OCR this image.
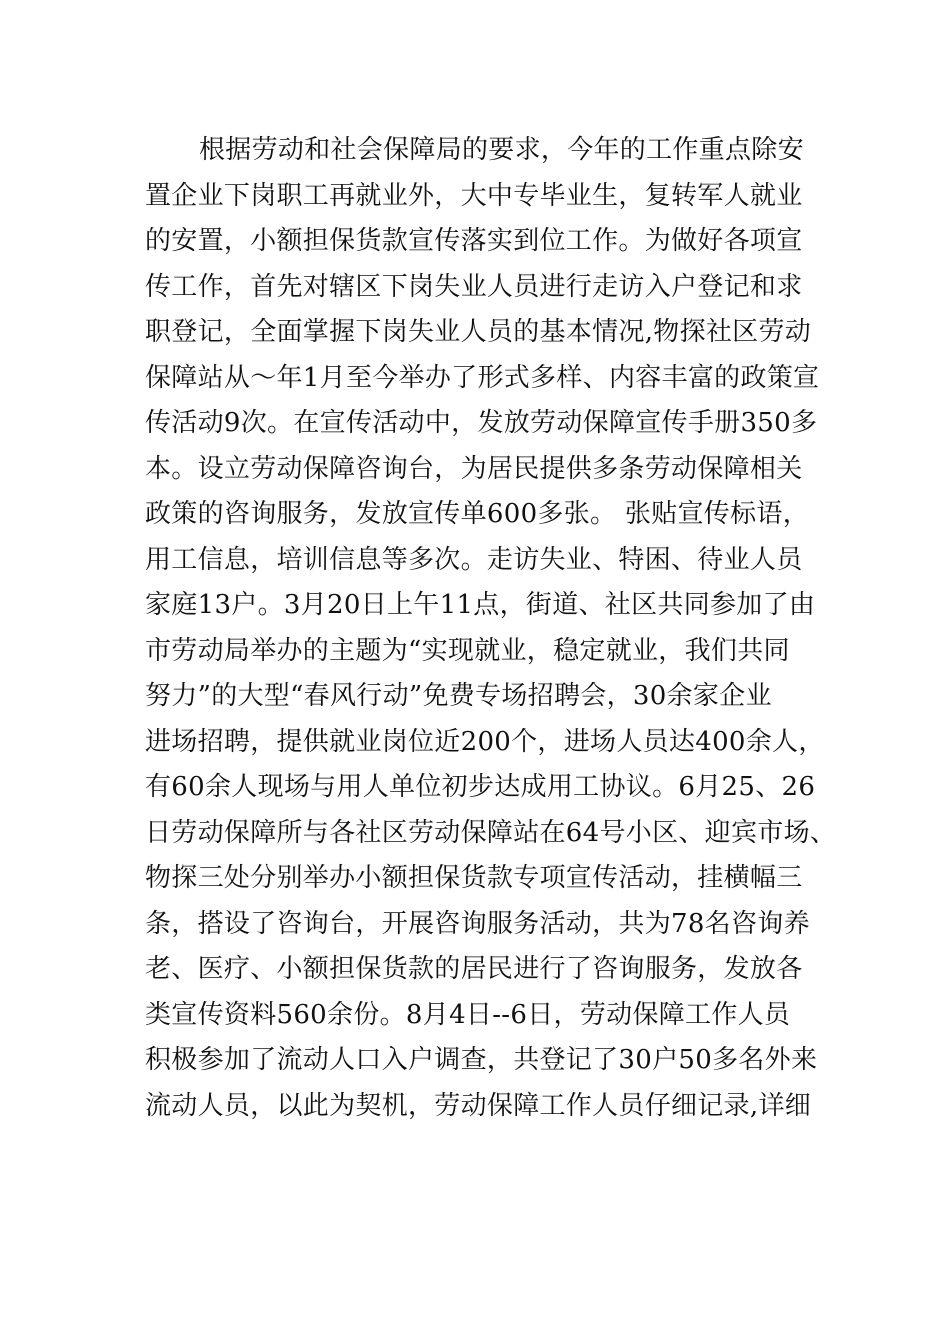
根据劳动和社会保障局的要求，今年的工作重点除安
置企业下岗职工再就业外，大中专毕业生，复转军人就业
的安置，小额担保货款宣传落实到位工作。为做好各项宣
传工作，首先对辖区下岗失业人员进行走访入户登记和求
职登记，全面掌握下岗失业人员的基本情况,物探社区劳动
保障站从～年1月至今举办了形式多样、内容丰富的政策宣
传活动9次。在宣传活动中，发放劳动保障宣传手册350多
本。设立劳动保障咨询台，为居民提供多条劳动保障相关
政策的咨询服务，发放宣传单600多张。 张贴宣传标语，
用工信息，培训信息等多次。走访失业、特困、待业人员
家庭13户。3月20日上午11点，街道、社区共同参加了由
市劳动局举办的主题为“实现就业，稳定就业，我们共同
努力”的大型“春风行动”免费专场招聘会，30余家企业
进场招聘，提供就业岗位近200个，进场人员达400余人，
有60余人现场与用人单位初步达成用工协议。6月25、26
日劳动保障所与各社区劳动保障站在64号小区、迎宾市场、
物探三处分别举办小额担保货款专项宣传活动，挂横幅三
条，搭设了咨询台，开展咨询服务活动，共为78名咨询养
老、医疗、小额担保货款的居民进行了咨询服务，发放各
类宣传资料560余份。8月4日--6日，劳动保障工作人员
积极参加了流动人口入户调查，共登记了30户50多名外来
流动人员，以此为契机，劳动保障工作人员仔细记录,详细
